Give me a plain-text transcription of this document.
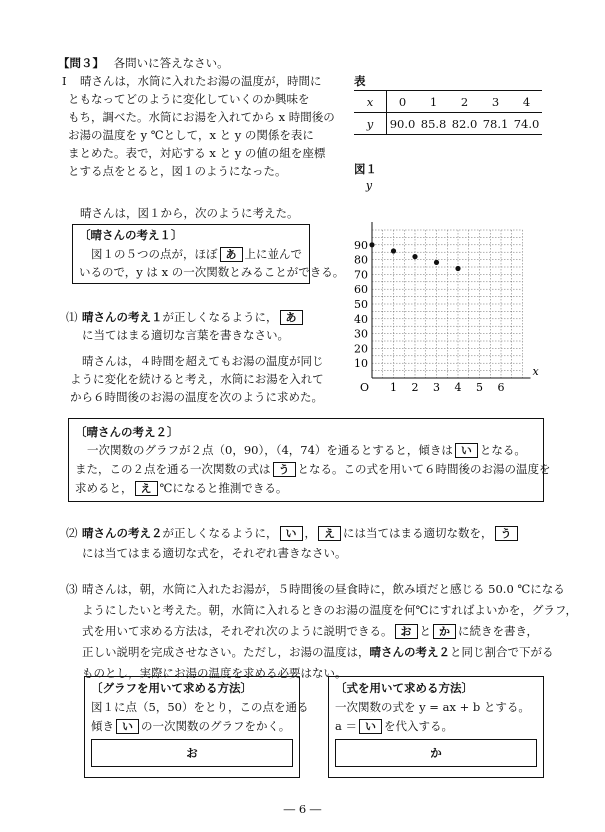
【問３】 各問いに答えなさい。
Ⅰ 晴さんは，水筒に入れたお湯の温度が，時間に
ともなってどのように変化していくのか興味を
もち，調べた。水筒にお湯を入れてから x 時間後の
お湯の温度を y ℃として，x と y の関係を表に
まとめた。表で，対応する x と y の値の組を座標
とする点をとると，図１のようになった。
晴さんは，図１から，次のように考えた。
表
x	0	1	2	3	4
y	90.0	85.8	82.0	78.1	74.0
図１
10
20
30
40
50
60
70
80
90
1 2 3 4 5 6
y
x
O
〔晴さんの考え１〕
図１の５つの点が，ほぼ あ 上に並んで
いるので，y は x の一次関数とみることができる。
⑴ 晴さんの考え１が正しくなるように， あ
に当てはまる適切な言葉を書きなさい。
晴さんは，４時間を超えてもお湯の温度が同じ
ように変化を続けると考え，水筒にお湯を入れて
から６時間後のお湯の温度を次のように求めた。
〔晴さんの考え２〕
一次関数のグラフが２点（0，90），（4，74）を通るとすると，傾きは い となる。
また，この２点を通る一次関数の式は う となる。この式を用いて６時間後のお湯の温度を
求めると， え ℃になると推測できる。
⑵ 晴さんの考え２が正しくなるように， い ， え には当てはまる適切な数を， う
には当てはまる適切な式を，それぞれ書きなさい。
⑶ 晴さんは，朝，水筒に入れたお湯が，５時間後の昼食時に，飲み頃だと感じる 50.0 ℃になる
ようにしたいと考えた。朝，水筒に入れるときのお湯の温度を何℃にすればよいかを，グラフ，
式を用いて求める方法は，それぞれ次のように説明できる。 お と か に続きを書き，
正しい説明を完成させなさい。ただし，お湯の温度は，晴さんの考え２と同じ割合で下がる
ものとし，実際にお湯の温度を求める必要はない。
〔グラフを用いて求める方法〕
図１に点（5，50）をとり，この点を通る
傾き い の一次関数のグラフをかく。
お
〔式を用いて求める方法〕
一次関数の式を y = ax + b とする。
a ＝ い を代入する。
か
― 6 ―
